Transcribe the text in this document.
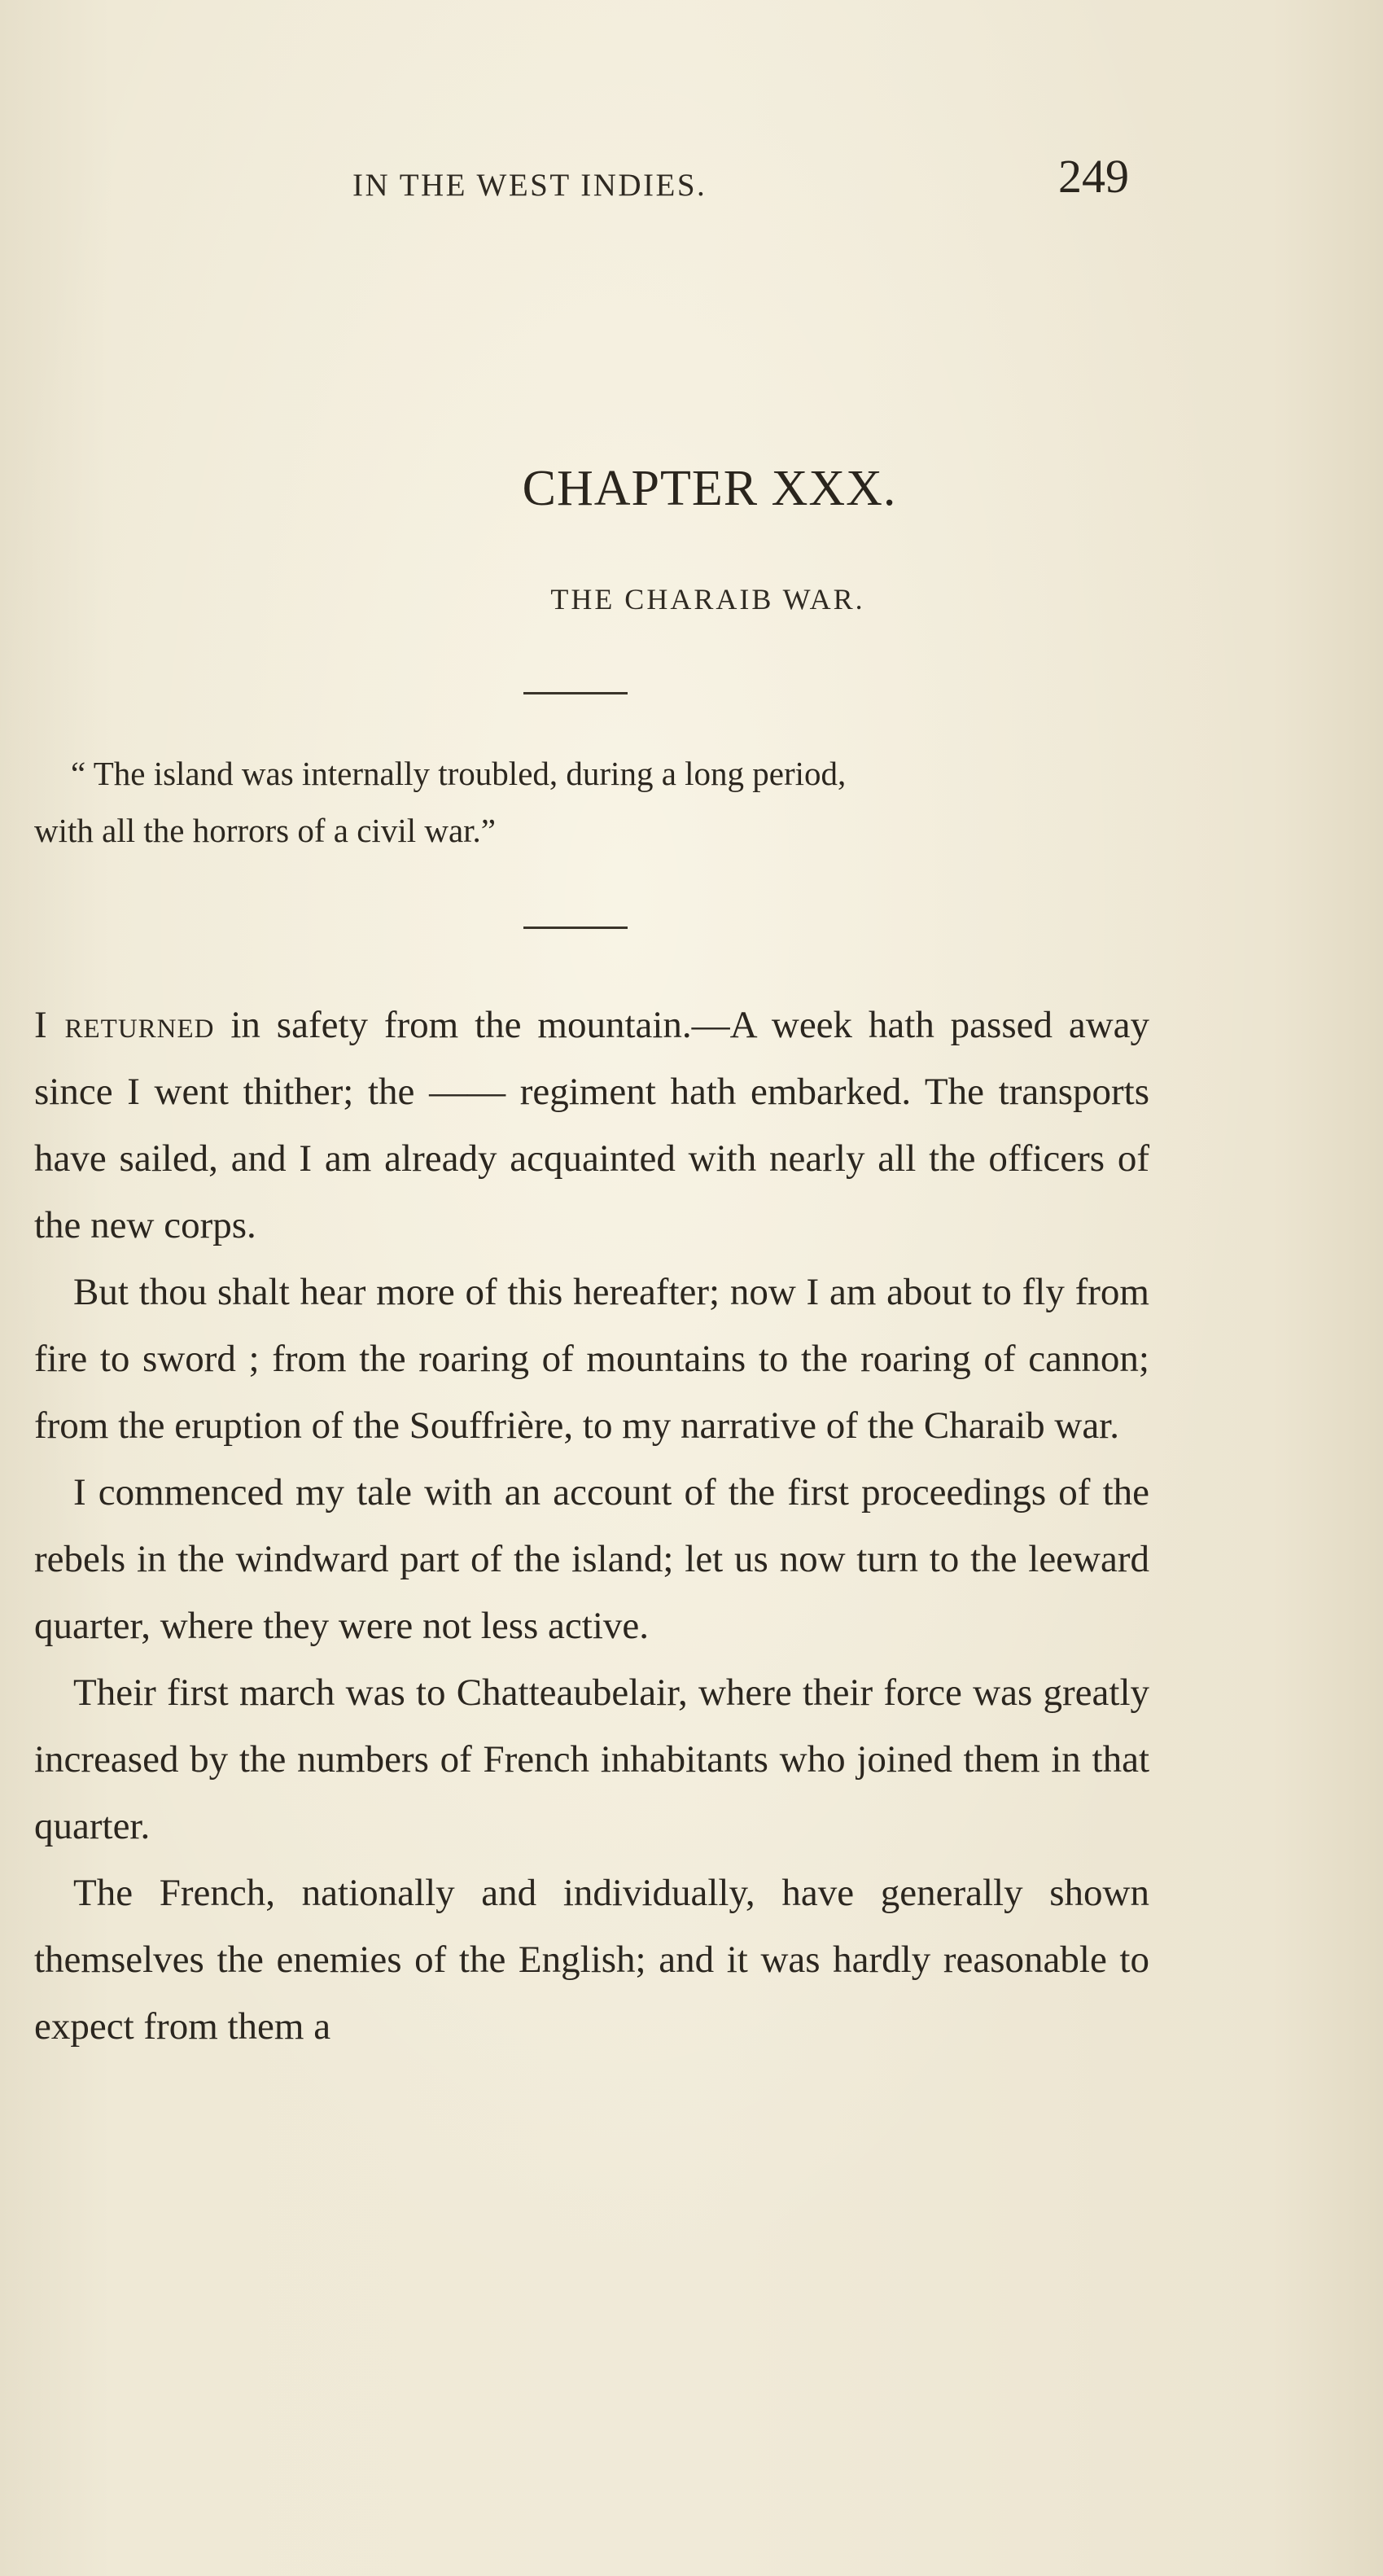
IN THE WEST INDIES.	249
CHAPTER XXX.
THE CHARAIB WAR.
“ The island was internally troubled, during a long period,
with all the horrors of a civil war.”

I returned in safety from the mountain.—A week hath passed away since I went thither; the —— regiment hath embarked. The transports have sailed, and I am already acquainted with nearly all the officers of the new corps.

But thou shalt hear more of this hereafter; now I am about to fly from fire to sword ; from the roaring of mountains to the roaring of cannon; from the eruption of the Souffrière, to my narrative of the Charaib war.

I commenced my tale with an account of the first proceedings of the rebels in the windward part of the island; let us now turn to the leeward quarter, where they were not less active.

Their first march was to Chatteaubelair, where their force was greatly increased by the numbers of French inhabitants who joined them in that quarter.

The French, nationally and individually, have generally shown themselves the enemies of the English; and it was hardly reasonable to expect from them a
